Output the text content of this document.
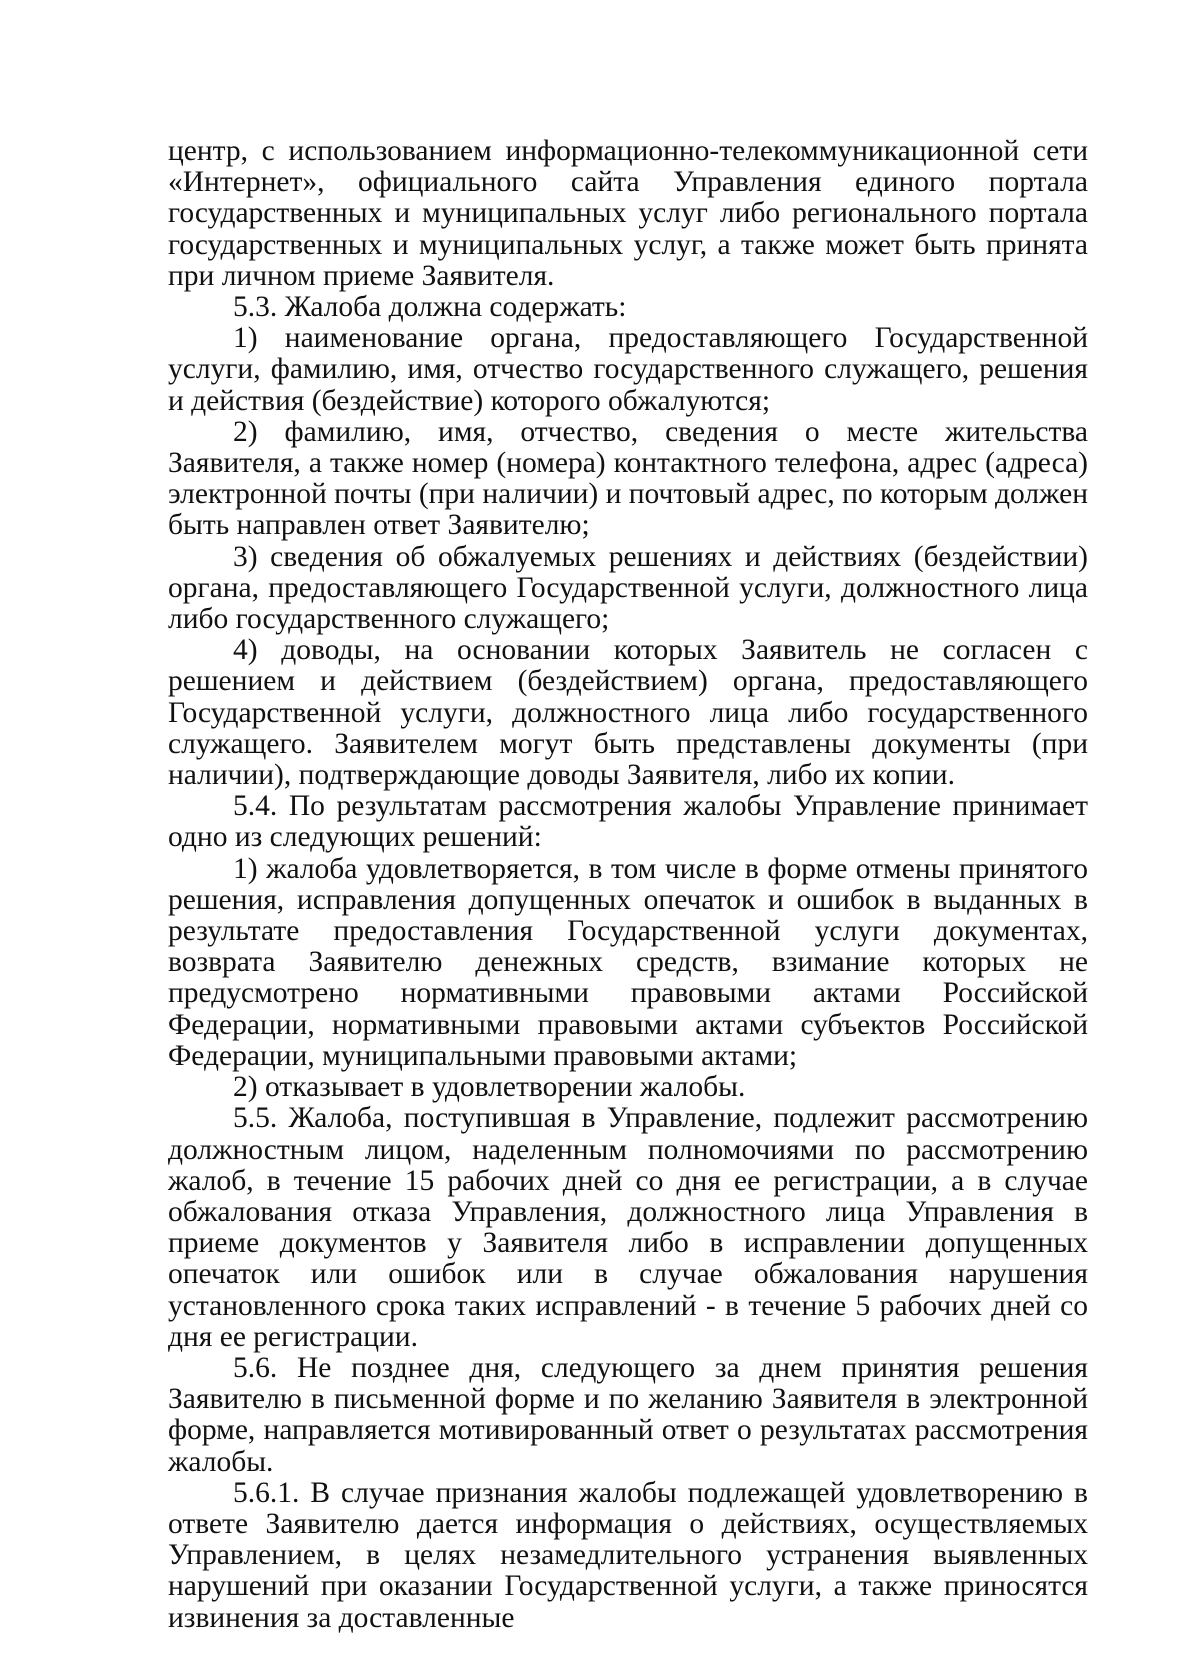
центр, с использованием информационно-телекоммуникационной сети «Интернет», официального сайта Управления единого портала государственных и муниципальных услуг либо регионального портала государственных и муниципальных услуг, а также может быть принята при личном приеме Заявителя.

5.3. Жалоба должна содержать:

1) наименование органа, предоставляющего Государственной услуги, фамилию, имя, отчество государственного служащего, решения и действия (бездействие) которого обжалуются;

2) фамилию, имя, отчество, сведения о месте жительства Заявителя, а также номер (номера) контактного телефона, адрес (адреса) электронной почты (при наличии) и почтовый адрес, по которым должен быть направлен ответ Заявителю;

3) сведения об обжалуемых решениях и действиях (бездействии) органа, предоставляющего Государственной услуги, должностного лица либо государственного служащего;

4) доводы, на основании которых Заявитель не согласен с решением и действием (бездействием) органа, предоставляющего Государственной услуги, должностного лица либо государственного служащего. Заявителем могут быть представлены документы (при наличии), подтверждающие доводы Заявителя, либо их копии.

5.4. По результатам рассмотрения жалобы Управление принимает одно из следующих решений:

1) жалоба удовлетворяется, в том числе в форме отмены принятого решения, исправления допущенных опечаток и ошибок в выданных в результате предоставления Государственной услуги документах, возврата Заявителю денежных средств, взимание которых не предусмотрено нормативными правовыми актами Российской Федерации, нормативными правовыми актами субъектов Российской Федерации, муниципальными правовыми актами;

2) отказывает в удовлетворении жалобы.

5.5. Жалоба, поступившая в Управление, подлежит рассмотрению должностным лицом, наделенным полномочиями по рассмотрению жалоб, в течение 15 рабочих дней со дня ее регистрации, а в случае обжалования отказа Управления, должностного лица Управления в приеме документов у Заявителя либо в исправлении допущенных опечаток или ошибок или в случае обжалования нарушения установленного срока таких исправлений - в течение 5 рабочих дней со дня ее регистрации.

5.6. Не позднее дня, следующего за днем принятия решения Заявителю в письменной форме и по желанию Заявителя в электронной форме, направляется мотивированный ответ о результатах рассмотрения жалобы.

5.6.1. В случае признания жалобы подлежащей удовлетворению в ответе Заявителю дается информация о действиях, осуществляемых Управлением, в целях незамедлительного устранения выявленных нарушений при оказании Государственной услуги, а также приносятся извинения за доставленные
